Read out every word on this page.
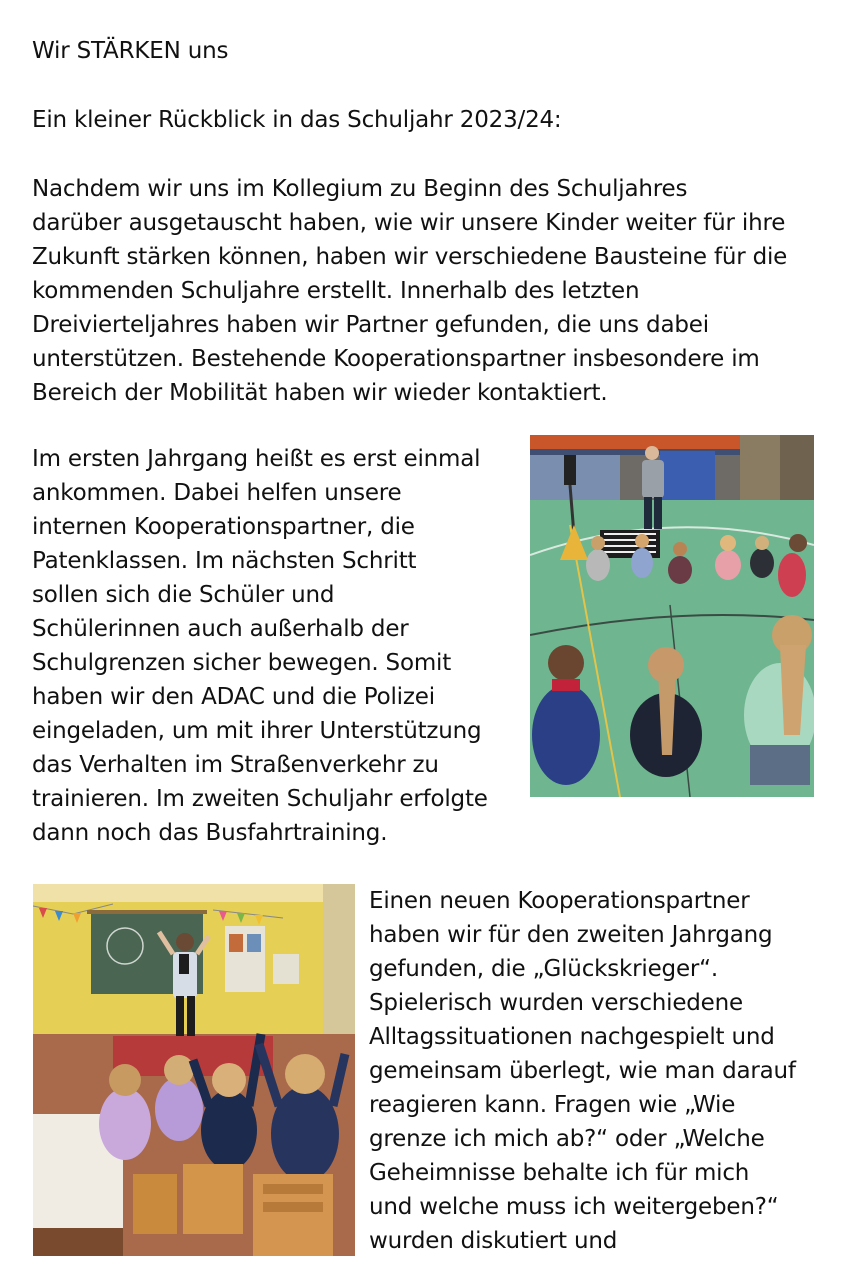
Wir STÄRKEN uns

Ein kleiner Rückblick in das Schuljahr 2023/24:

Nachdem wir uns im Kollegium zu Beginn des Schuljahres
darüber ausgetauscht haben, wie wir unsere Kinder weiter für ihre
Zukunft stärken können, haben wir verschiedene Bausteine für die
kommenden Schuljahre erstellt. Innerhalb des letzten
Dreivierteljahres haben wir Partner gefunden, die uns dabei
unterstützen. Bestehende Kooperationspartner insbesondere im
Bereich der Mobilität haben wir wieder kontaktiert.

Im ersten Jahrgang heißt es erst einmal
ankommen. Dabei helfen unsere
internen Kooperationspartner, die
Patenklassen. Im nächsten Schritt
sollen sich die Schüler und
Schülerinnen auch außerhalb der
Schulgrenzen sicher bewegen. Somit
haben wir den ADAC und die Polizei
eingeladen, um mit ihrer Unterstützung
das Verhalten im Straßenverkehr zu
trainieren. Im zweiten Schuljahr erfolgte
dann noch das Busfahrtraining.

Einen neuen Kooperationspartner
haben wir für den zweiten Jahrgang
gefunden, die „Glückskrieger“.
Spielerisch wurden verschiedene
Alltagssituationen nachgespielt und
gemeinsam überlegt, wie man darauf
reagieren kann. Fragen wie „Wie
grenze ich mich ab?“ oder „Welche
Geheimnisse behalte ich für mich
und welche muss ich weitergeben?“
wurden diskutiert und
